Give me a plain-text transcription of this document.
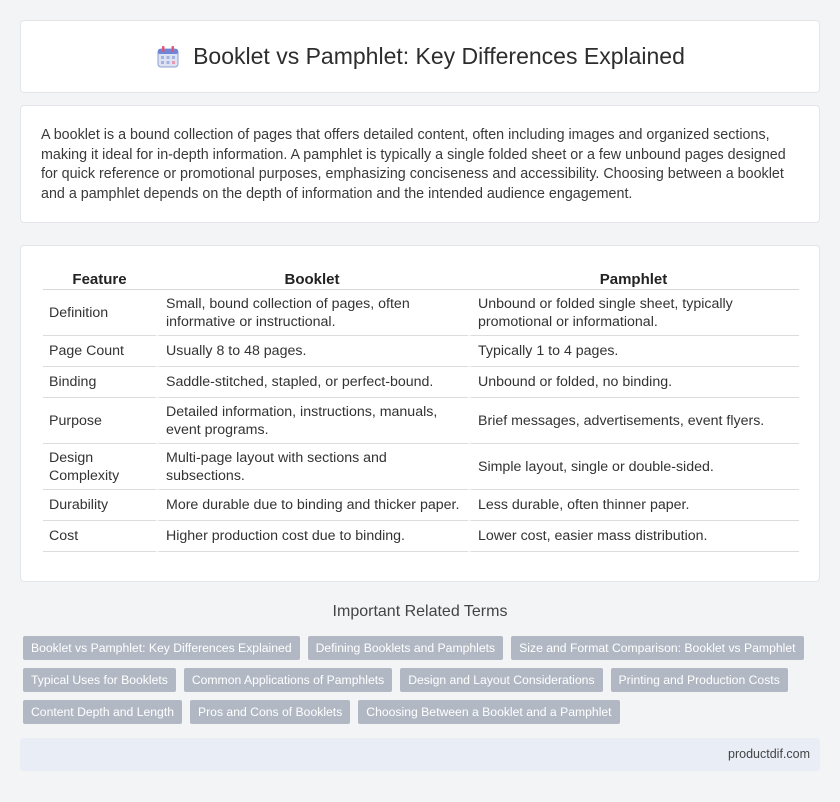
Booklet vs Pamphlet: Key Differences Explained

A booklet is a bound collection of pages that offers detailed content, often including images and organized sections, making it ideal for in-depth information. A pamphlet is typically a single folded sheet or a few unbound pages designed for quick reference or promotional purposes, emphasizing conciseness and accessibility. Choosing between a booklet and a pamphlet depends on the depth of information and the intended audience engagement.

Feature	Booklet	Pamphlet
Definition	Small, bound collection of pages, often informative or instructional.	Unbound or folded single sheet, typically promotional or informational.
Page Count	Usually 8 to 48 pages.	Typically 1 to 4 pages.
Binding	Saddle-stitched, stapled, or perfect-bound.	Unbound or folded, no binding.
Purpose	Detailed information, instructions, manuals, event programs.	Brief messages, advertisements, event flyers.
Design Complexity	Multi-page layout with sections and subsections.	Simple layout, single or double-sided.
Durability	More durable due to binding and thicker paper.	Less durable, often thinner paper.
Cost	Higher production cost due to binding.	Lower cost, easier mass distribution.
Important Related Terms
Booklet vs Pamphlet: Key Differences Explained	Defining Booklets and Pamphlets	Size and Format Comparison: Booklet vs Pamphlet
Typical Uses for Booklets	Common Applications of Pamphlets	Design and Layout Considerations	Printing and Production Costs
Content Depth and Length	Pros and Cons of Booklets	Choosing Between a Booklet and a Pamphlet
productdif.com
